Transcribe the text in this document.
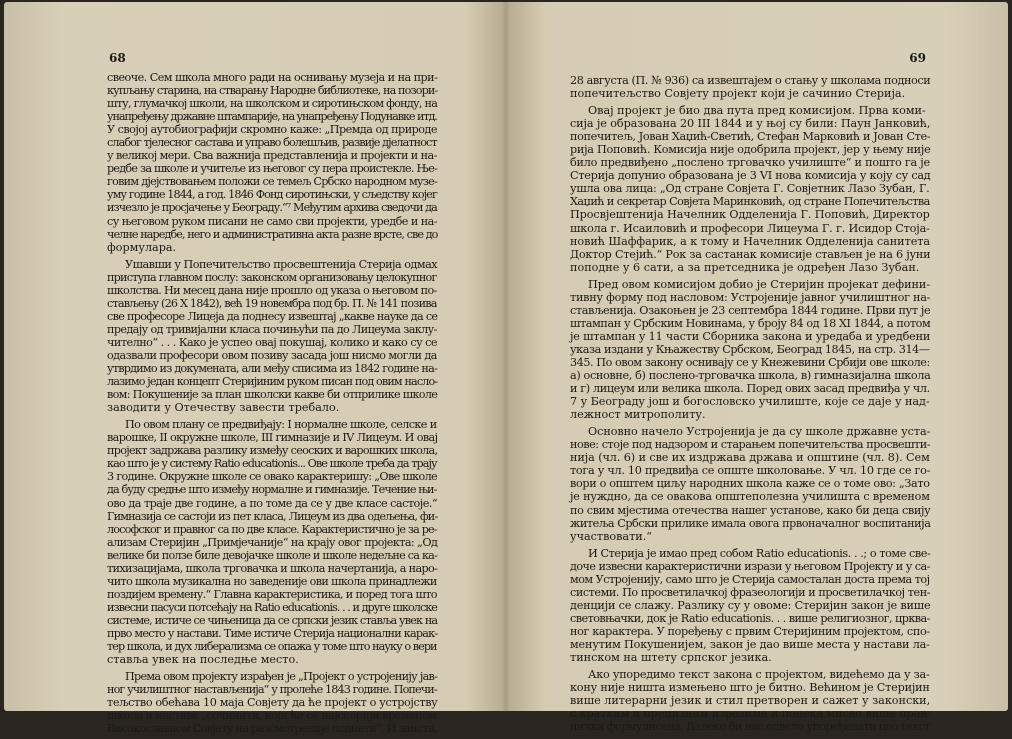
68
свеоче. Сем школа много ради на оснивању музеја и на при-
купљању старина, на стварању Народне библиотеке, на позори-
шту, глумачкој школи, на школском и сиротињском фонду, на
унапређењу државне штампарије, на унапређењу Подунавке итд.
У својој аутобиографији скромно каже: „Премда од природе
слабог тјелесног састава и управо болешљив, развије дјелатност
у великој мери. Сва важнија представленија и пројекти и на-
редбе за школе и учитеље из његовог су пера проистекле. Ње-
говим дјејствовањем положи се темељ Србско народном музе-
уму године 1844, а год. 1846 Фонд сиротињски, у сљедству којег
изчезло је просјачење у Београду.“⁷ Међутим архива сведочи да
су његовом руком писани не само сви пројекти, уредбе и на-
челне наредбе, него и административна акта разне врсте, све до
формулара.
Ушавши у Попечитељство просвештенија Стерија одмах
приступа главном послу: законском организовању целокупног
школства. Ни месец дана није прошло од указа о његовом по-
стављењу (26 X 1842), већ 19 новембра под бр. П. № 141 позива
све професоре Лицеја да поднесу извештај „какве науке да се
предају од тривијални класа почињући па до Лицеума заклу-
чително“ . . . Како је успео овај покушај, колико и како су се
одазвали професори овом позиву засада још нисмо могли да
утврдимо из докумената, али међу списима из 1842 године на-
лазимо један концепт Стеријиним руком писан под овим насло-
вом: Покушеније за план школски какве би отприлике школе
заводити у Отечеству завести требало.
По овом плану се предвиђају: I нормалне школе, селске и
варошке, II окружне школе, III гимназије и IV Лицеум. И овај
пројект задржава разлику између сеоских и варошких школа,
као што је у систему Ratio educationis... Ове школе треба да трају
3 године. Окружне школе се овако карактеришу: „Ове школе
да буду средње што између нормалне и гимназије. Течение њи-
ово да траје две године, а по томе да се у две класе састоје.“
Гимназија се састоји из пет класа, Лицеум из два одељења, фи-
лософског и правног са по две класе. Карактеристично је за ре-
ализам Стеријин „Примјечаније“ на крају овог пројекта: „Од
велике би ползе биле девојачке школе и школе недељне са ка-
тихизацијама, школа трговачка и школа начертанија, а наро-
чито школа музикална но заведеније ови школа принадлежи
поздијем времену.“ Главна карактеристика, и поред тога што
извесни пасуси потсећају на Ratio educationis. . . и друге школске
системе, истиче се чињеница да се српски језик ставља увек на
прво место у настави. Тиме истиче Стерија национални карак-
тер школа, и дух либерализма се опажа у томе што науку о вери
ставља увек на последње место.
Према овом пројекту израђен је „Пројект о устројенију јав-
ног училиштног настављенија“ у пролеће 1843 године. Попечи-
тељство обећава 10 маја Совјету да ће пројект о устројству
школа и наставе „сочинити, који ће се најскорији временом
Високославном Совјету на разсмотреније поднети“. И заиста,
69
28 августа (П. № 936) са извештајем о стању у школама подноси
попечитељство Совјету пројект који је сачинио Стерија.
Овај пројект је био два пута пред комисијом. Прва коми-
сија је образована 20 III 1844 и у њој су били: Паун Јанковић,
попечитељ, Јован Хаџић-Светић, Стефан Марковић и Јован Сте-
рија Поповић. Комисија није одобрила пројект, јер у њему није
било предвиђено „послено трговачко училиште“ и пошто га је
Стерија допунио образована је 3 VI нова комисија у коју су сад
ушла ова лица: „Од стране Совјета Г. Совјетник Лазо Зубан, Г.
Хаџић и секретар Совјета Маринковић, од стране Попечитељства
Просвјештенија Начелник Одделенија Г. Поповић, Директор
школа г. Исаиловић и професори Лицеума Г. г. Исидор Стоја-
новић Шаффарик, а к тому и Начелник Одделенија санитета
Доктор Стејић.“ Рок за састанак комисије стављен је на 6 јуни
поподне у 6 сати, а за претседника је одређен Лазо Зубан.
Пред овом комисијом добио је Стеријин пројекат дефини-
тивну форму под насловом: Устројеније јавног училиштног на-
стављенија. Озакоњен је 23 септембра 1844 године. Први пут је
штампан у Србским Новинама, у броју 84 од 18 XI 1844, а потом
је штампан у 11 части Сборника закона и уредаба и уредбени
указа издани у Књажеству Србском, Београд 1845, на стр. 314—
345. По овом закону оснивају се у Кнежевини Србији ове школе:
а) основне, б) послено-трговачка школа, в) гимназијална школа
и г) лицеум или велика школа. Поред ових засад предвиђа у чл.
7 у Београду још и богословско училиште, које се даје у над-
лежност митрополиту.
Основно начело Устројенија је да су школе државне уста-
нове: стоје под надзором и старањем попечитељства просвешти-
нија (чл. 6) и све их издржава држава и општине (чл. 8). Сем
тога у чл. 10 предвиђа се опште школовање. У чл. 10 где се го-
вори о општем циљу народних школа каже се о томе ово: „Зато
је нуждно, да се овакова општеполезна училишта с временом
по свим мјестима отечества нашег установе, како би деца свију
житеља Србски прилике имала овога првоначалног воспитанија
участвовати.“
И Стерија је имао пред собом Ratio educationis. . .; о томе све-
доче извесни карактеристични изрази у његовом Пројекту и у са-
мом Устројенију, само што је Стерија самосталан доста према тој
системи. По просветилачкој фразеологији и просветилачкој тен-
денцији се слажу. Разлику су у овоме: Стеријин закон је више
световњачки, док је Ratio educationis. . . више религиозног, црква-
ног карактера. У поређењу с првим Стеријиним пројектом, спо-
менутим Покушенијем, закон је дао више места у настави ла-
тинском на штету српског језика.
Ако упоредимо текст закона с пројектом, видећемо да у за-
кону није ништа измењено што је битно. Већином је Стеријин
више литерарни језик и стил претворен и сажет у законски,
с кратким и прецизним изразима и понека мисао више прав-
нички формулисана. Далеко би нас одвело упоређивати цео текст
